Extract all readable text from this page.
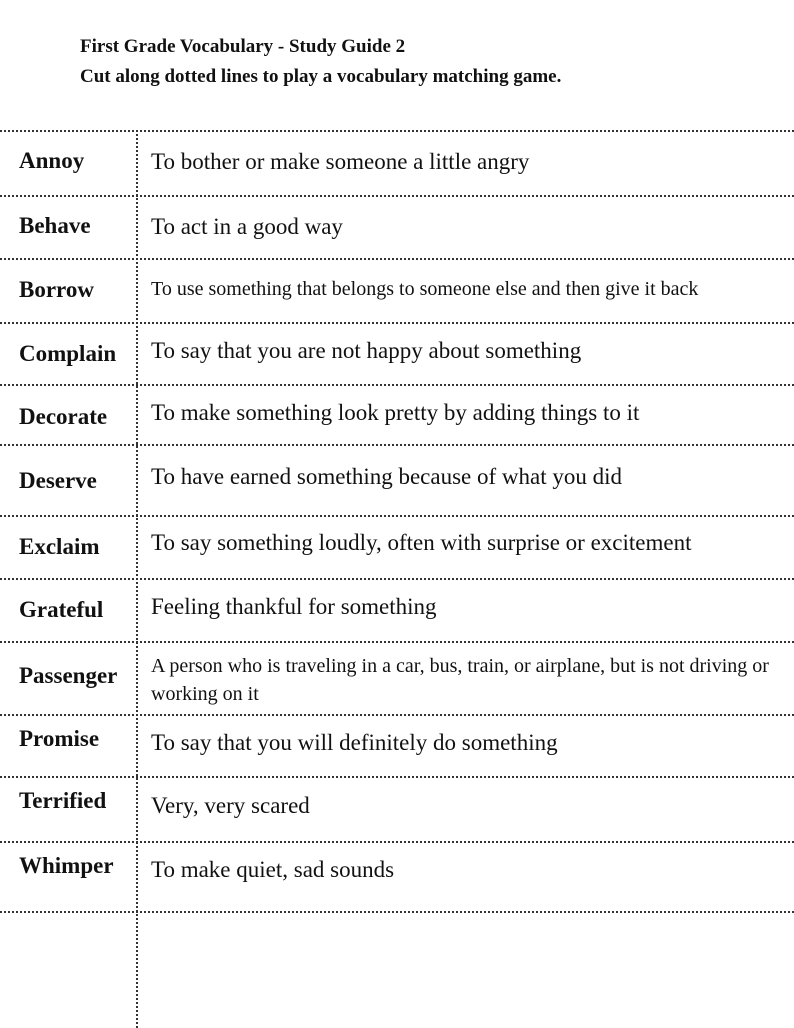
First Grade Vocabulary - Study Guide 2
Cut along dotted lines to play a vocabulary matching game.
Annoy	To bother or make someone a little angry
Behave	To act in a good way
Borrow	To use something that belongs to someone else and then give it back
Complain To say that you are not happy about something
Decorate To make something look pretty by adding things to it
Deserve To have earned something because of what you did
Exclaim To say something loudly, often with surprise or excitement
Grateful Feeling thankful for something
Passenger A person who is traveling in a car, bus, train, or airplane, but is not driving or working on it
Promise To say that you will definitely do something
Terrified Very, very scared
Whimper To make quiet, sad sounds
